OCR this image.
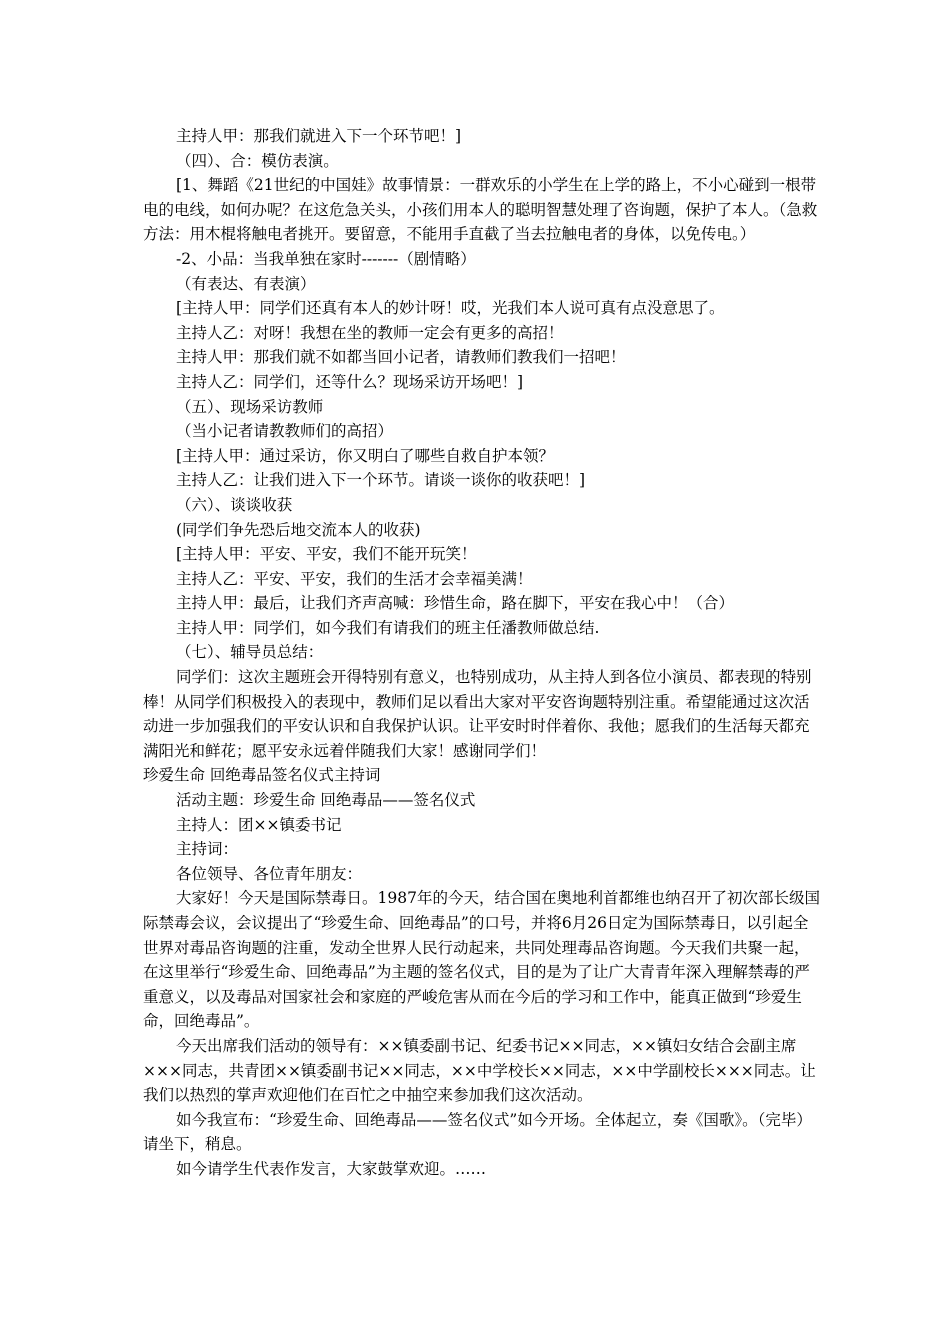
主持人甲：那我们就进入下一个环节吧！]
（四）、合：模仿表演。
[1、舞蹈《21世纪的中国娃》故事情景：一群欢乐的小学生在上学的路上，不小心碰到一根带电的电线，如何办呢？在这危急关头，小孩们用本人的聪明智慧处理了咨询题，保护了本人。（急救方法：用木棍将触电者挑开。要留意，不能用手直截了当去拉触电者的身体，以免传电。）
-2、小品：当我单独在家时-------（剧情略）
（有表达、有表演）
[主持人甲：同学们还真有本人的妙计呀！哎，光我们本人说可真有点没意思了。
主持人乙：对呀！我想在坐的教师一定会有更多的高招！
主持人甲：那我们就不如都当回小记者，请教师们教我们一招吧！
主持人乙：同学们，还等什么？现场采访开场吧！]
（五）、现场采访教师
（当小记者请教教师们的高招）
[主持人甲：通过采访，你又明白了哪些自救自护本领？
主持人乙：让我们进入下一个环节。请谈一谈你的收获吧！]
（六）、谈谈收获
(同学们争先恐后地交流本人的收获)
[主持人甲：平安、平安，我们不能开玩笑！
主持人乙：平安、平安，我们的生活才会幸福美满！
主持人甲：最后，让我们齐声高喊：珍惜生命，路在脚下，平安在我心中！（合）
主持人甲：同学们，如今我们有请我们的班主任潘教师做总结.
（七）、辅导员总结：
同学们：这次主题班会开得特别有意义，也特别成功，从主持人到各位小演员、都表现的特别棒！从同学们积极投入的表现中，教师们足以看出大家对平安咨询题特别注重。希望能通过这次活动进一步加强我们的平安认识和自我保护认识。让平安时时伴着你、我他；愿我们的生活每天都充满阳光和鲜花；愿平安永远着伴随我们大家！感谢同学们！
珍爱生命 回绝毒品签名仪式主持词
活动主题：珍爱生命 回绝毒品——签名仪式
主持人：团××镇委书记
主持词：
各位领导、各位青年朋友：
大家好！今天是国际禁毒日。1987年的今天，结合国在奥地利首都维也纳召开了初次部长级国际禁毒会议，会议提出了“珍爱生命、回绝毒品”的口号，并将6月26日定为国际禁毒日，以引起全世界对毒品咨询题的注重，发动全世界人民行动起来，共同处理毒品咨询题。今天我们共聚一起，在这里举行“珍爱生命、回绝毒品”为主题的签名仪式，目的是为了让广大青青年深入理解禁毒的严重意义，以及毒品对国家社会和家庭的严峻危害从而在今后的学习和工作中，能真正做到“珍爱生命，回绝毒品”。
今天出席我们活动的领导有：××镇委副书记、纪委书记××同志，××镇妇女结合会副主席×××同志，共青团××镇委副书记××同志，××中学校长××同志，××中学副校长×××同志。让我们以热烈的掌声欢迎他们在百忙之中抽空来参加我们这次活动。
如今我宣布：“珍爱生命、回绝毒品——签名仪式”如今开场。全体起立，奏《国歌》。（完毕）请坐下，稍息。
如今请学生代表作发言，大家鼓掌欢迎。……
